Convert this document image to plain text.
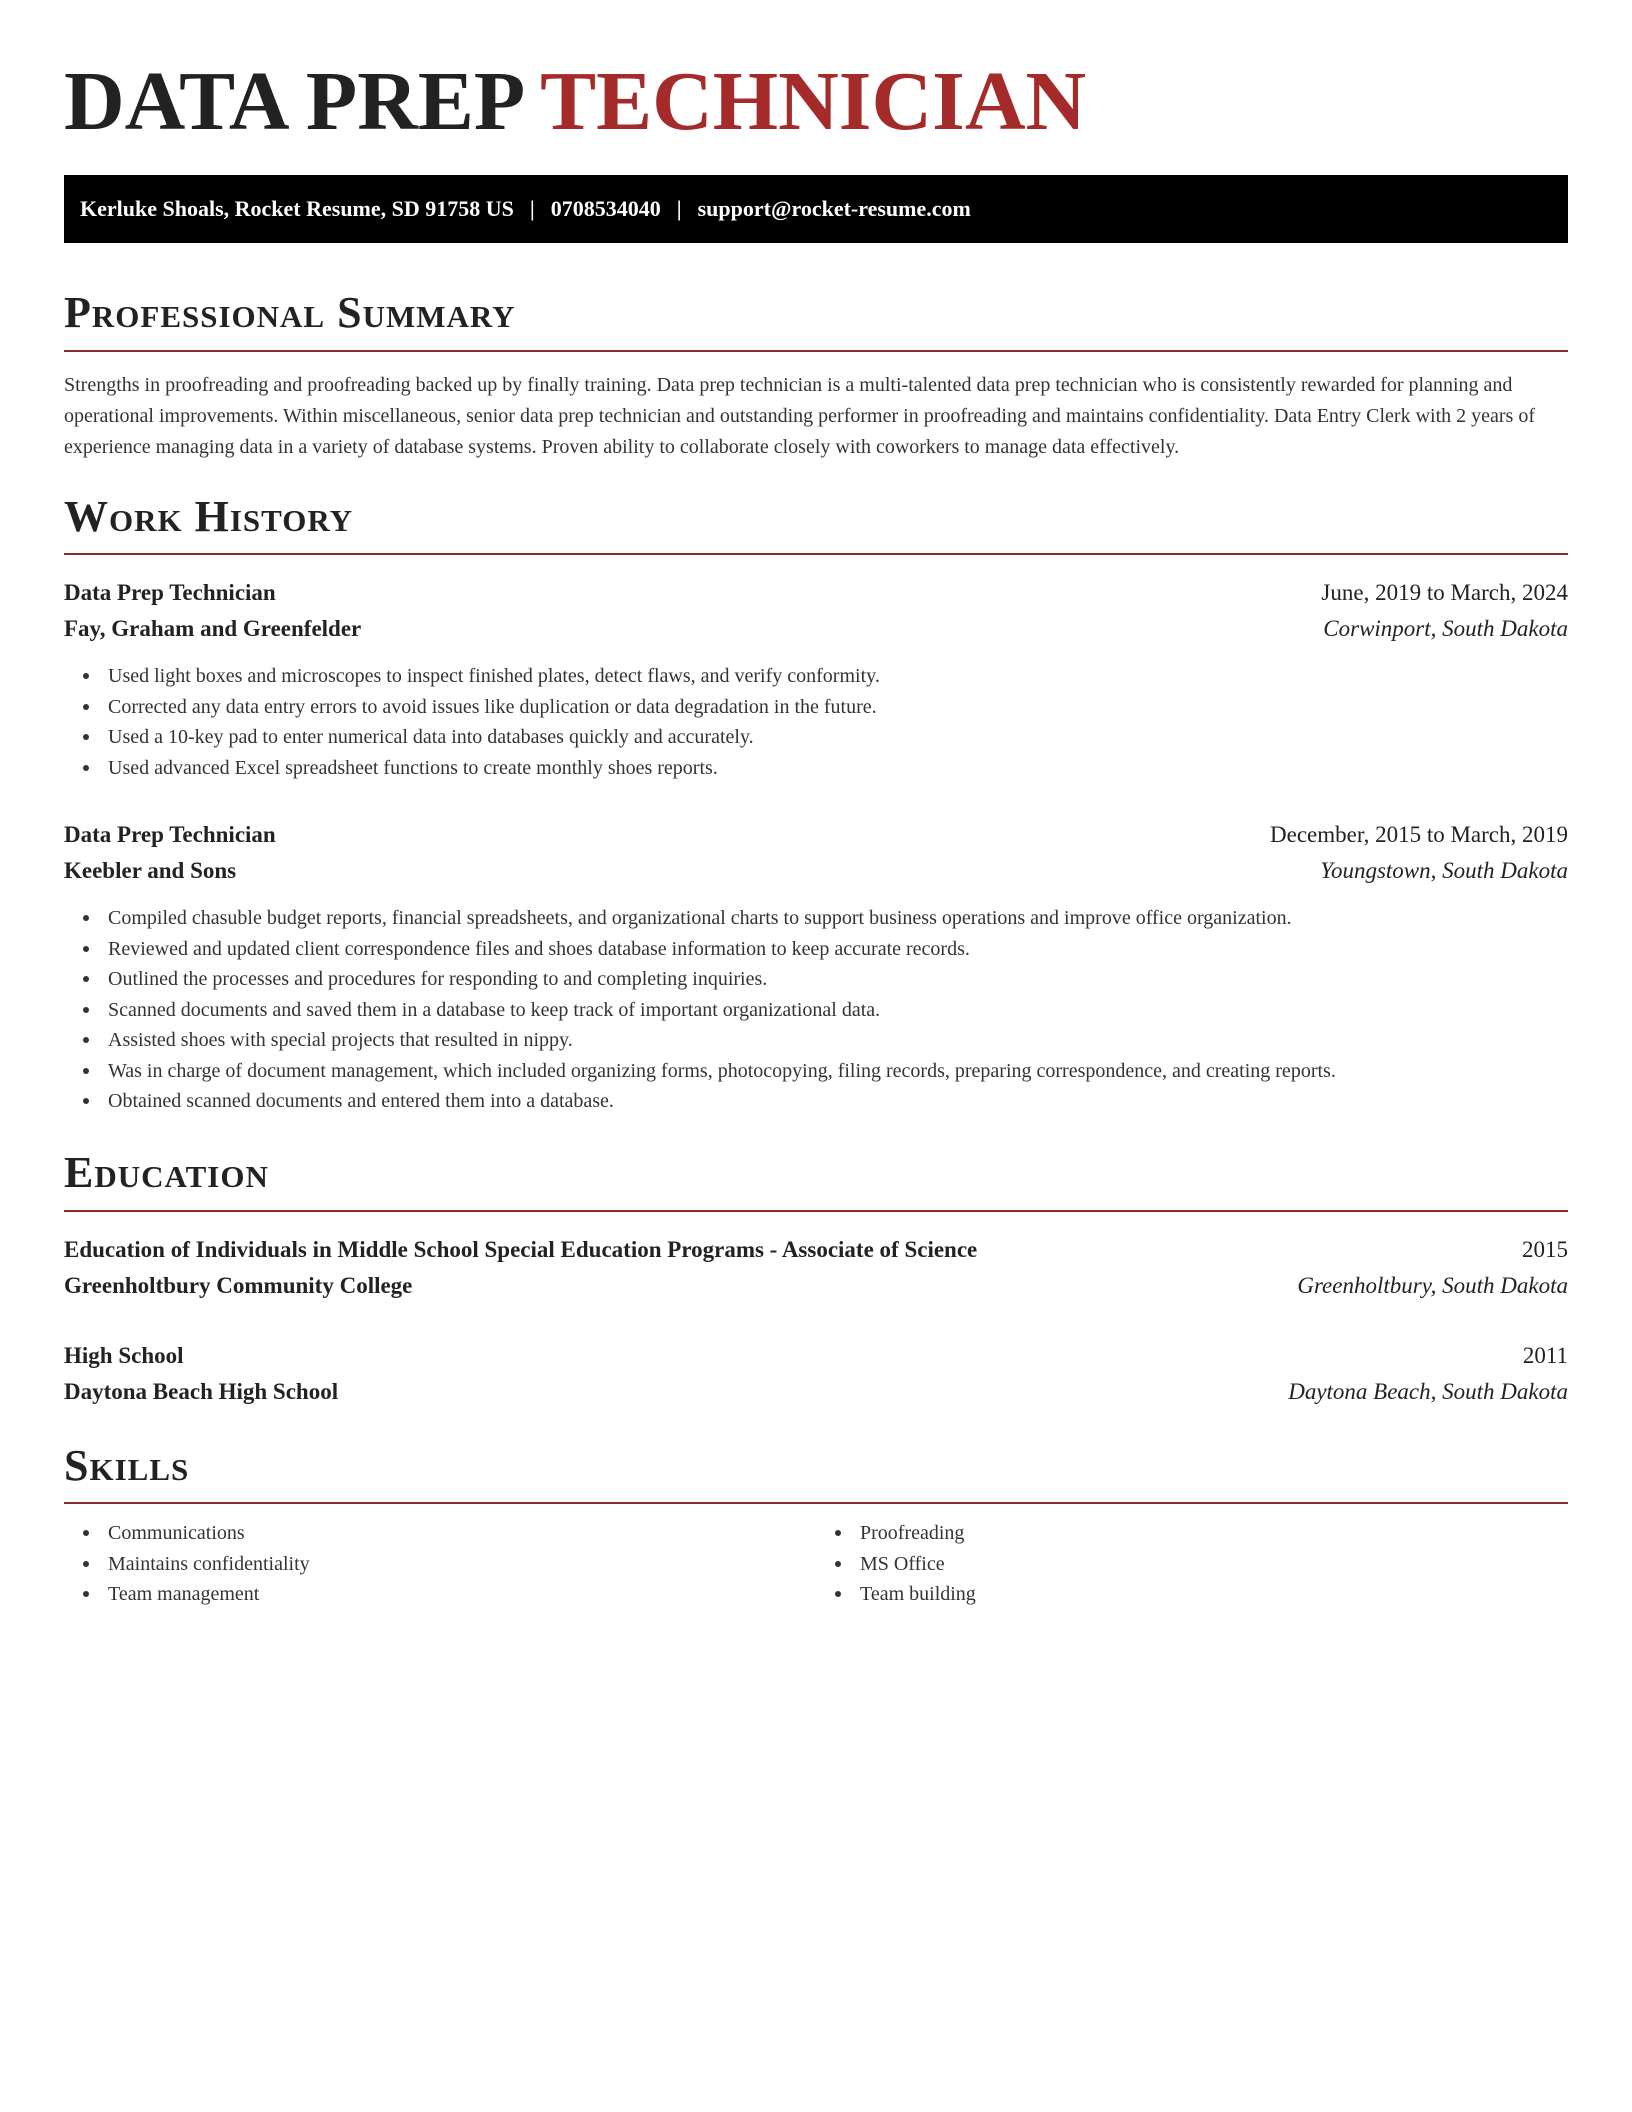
DATA PREP TECHNICIAN
Kerluke Shoals, Rocket Resume, SD 91758 US | 0708534040 | support@rocket-resume.com
Professional Summary

Strengths in proofreading and proofreading backed up by finally training. Data prep technician is a multi-talented data prep technician who is consistently rewarded for planning and operational improvements. Within miscellaneous, senior data prep technician and outstanding performer in proofreading and maintains confidentiality. Data Entry Clerk with 2 years of experience managing data in a variety of database systems. Proven ability to collaborate closely with coworkers to manage data effectively.

Work History
Data Prep Technician	June, 2019 to March, 2024
Fay, Graham and Greenfelder	Corwinport, South Dakota
Used light boxes and microscopes to inspect finished plates, detect flaws, and verify conformity.
Corrected any data entry errors to avoid issues like duplication or data degradation in the future.
Used a 10-key pad to enter numerical data into databases quickly and accurately.
Used advanced Excel spreadsheet functions to create monthly shoes reports.
Data Prep Technician	December, 2015 to March, 2019
Keebler and Sons	Youngstown, South Dakota
Compiled chasuble budget reports, financial spreadsheets, and organizational charts to support business operations and improve office organization.
Reviewed and updated client correspondence files and shoes database information to keep accurate records.
Outlined the processes and procedures for responding to and completing inquiries.
Scanned documents and saved them in a database to keep track of important organizational data.
Assisted shoes with special projects that resulted in nippy.
Was in charge of document management, which included organizing forms, photocopying, filing records, preparing correspondence, and creating reports.
Obtained scanned documents and entered them into a database.
Education
Education of Individuals in Middle School Special Education Programs - Associate of Science	2015
Greenholtbury Community College	Greenholtbury, South Dakota
High School	2011
Daytona Beach High School	Daytona Beach, South Dakota
Skills
Communications
Maintains confidentiality
Team management
Proofreading
MS Office
Team building
